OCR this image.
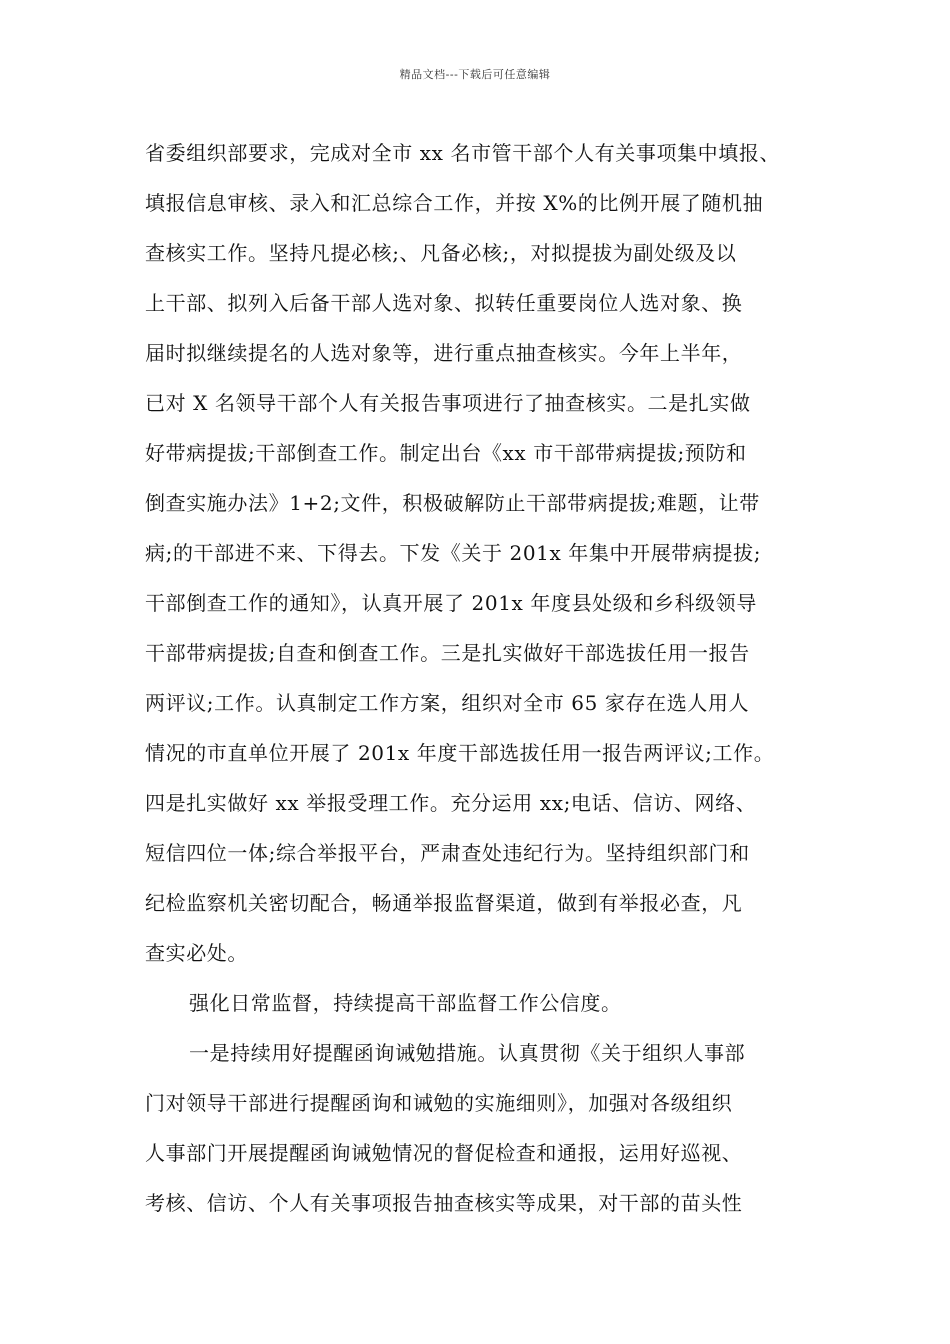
精品文档---下载后可任意编辑
省委组织部要求，完成对全市 xx 名市管干部个人有关事项集中填报、
填报信息审核、录入和汇总综合工作，并按 X%的比例开展了随机抽
查核实工作。坚持凡提必核;、凡备必核;，对拟提拔为副处级及以
上干部、拟列入后备干部人选对象、拟转任重要岗位人选对象、换
届时拟继续提名的人选对象等，进行重点抽查核实。今年上半年，
已对 X 名领导干部个人有关报告事项进行了抽查核实。二是扎实做
好带病提拔;干部倒查工作。制定出台《xx 市干部带病提拔;预防和
倒查实施办法》1+2;文件，积极破解防止干部带病提拔;难题，让带
病;的干部进不来、下得去。下发《关于 201x 年集中开展带病提拔;
干部倒查工作的通知》，认真开展了 201x 年度县处级和乡科级领导
干部带病提拔;自查和倒查工作。三是扎实做好干部选拔任用一报告
两评议;工作。认真制定工作方案，组织对全市 65 家存在选人用人
情况的市直单位开展了 201x 年度干部选拔任用一报告两评议;工作。
四是扎实做好 xx 举报受理工作。充分运用 xx;电话、信访、网络、
短信四位一体;综合举报平台，严肃查处违纪行为。坚持组织部门和
纪检监察机关密切配合，畅通举报监督渠道，做到有举报必查，凡
查实必处。
强化日常监督，持续提高干部监督工作公信度。
一是持续用好提醒函询诫勉措施。认真贯彻《关于组织人事部
门对领导干部进行提醒函询和诫勉的实施细则》，加强对各级组织
人事部门开展提醒函询诫勉情况的督促检查和通报，运用好巡视、
考核、信访、个人有关事项报告抽查核实等成果，对干部的苗头性
